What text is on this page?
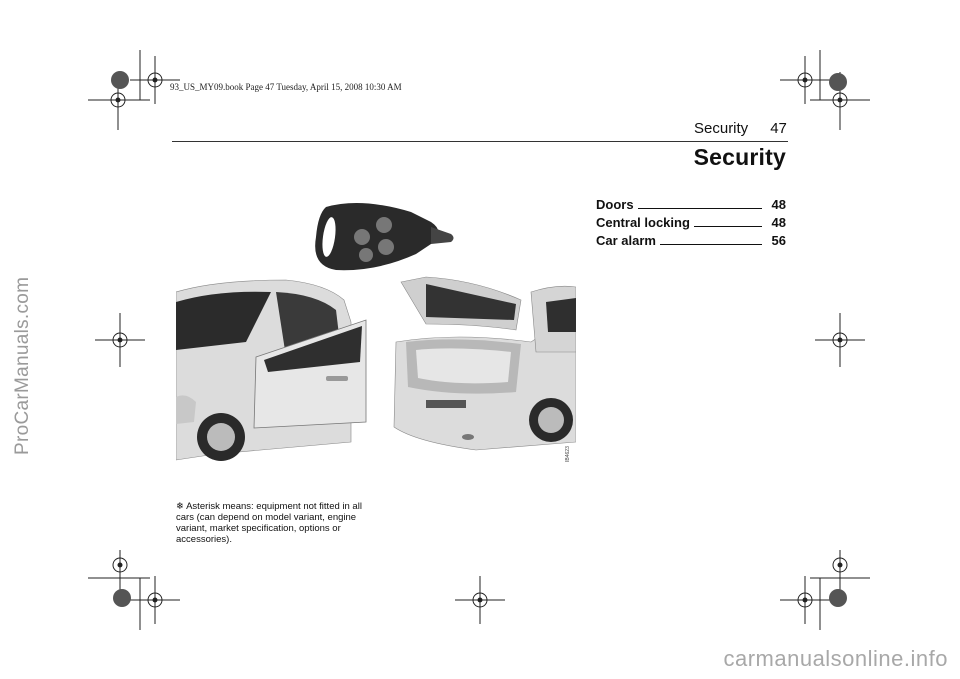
93_US_MY09.book Page 47 Tuesday, April 15, 2008 10:30 AM
Security 47
Security
IB4623
Doors	48
Central locking	48
Car alarm	56
❄ Asterisk means: equipment not fitted in all cars (can depend on model variant, engine variant, market specification, options or accessories).
ProCarManuals.com
carmanualsonline.info
